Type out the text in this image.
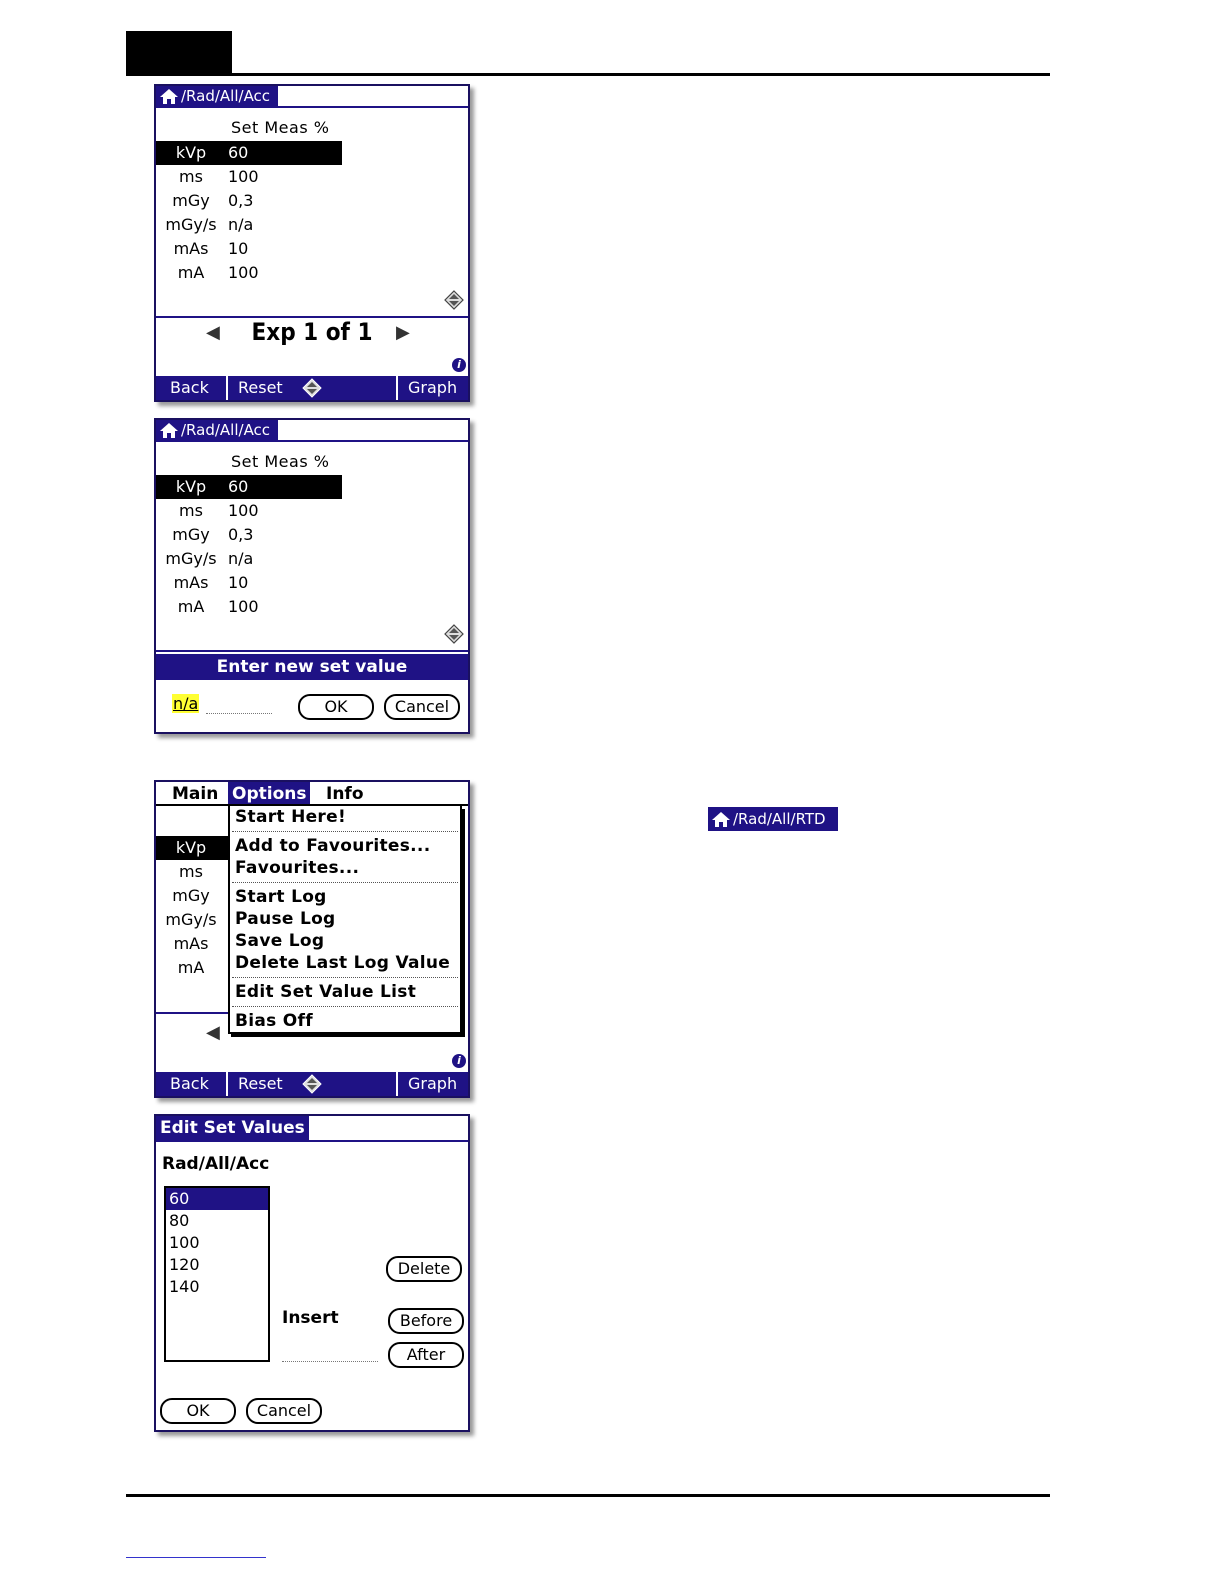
/Rad/All/Acc
Set Meas %
kVp	60
ms	100
mGy	0,3
mGy/s n/a
mAs	10
mA	100
◀	Exp 1 of 1	▶
i
Back Reset	Graph
/Rad/All/Acc
Set Meas %
kVp	60
ms	100
mGy	0,3
mGy/s n/a
mAs	10
mA	100
Enter new set value
n/a	OK	Cancel
Main Options Info
kVp
ms
mGy
mGy/s
mAs
mA
◀
Start Here!
Add to Favourites...
Favourites...
Start Log
Pause Log
Save Log
Delete Last Log Value
Edit Set Value List
Bias Off
i
Back Reset	Graph
/Rad/All/RTD
Edit Set Values
Rad/All/Acc
60
80
100
120
140
Delete
Insert	Before
After
OK	Cancel
